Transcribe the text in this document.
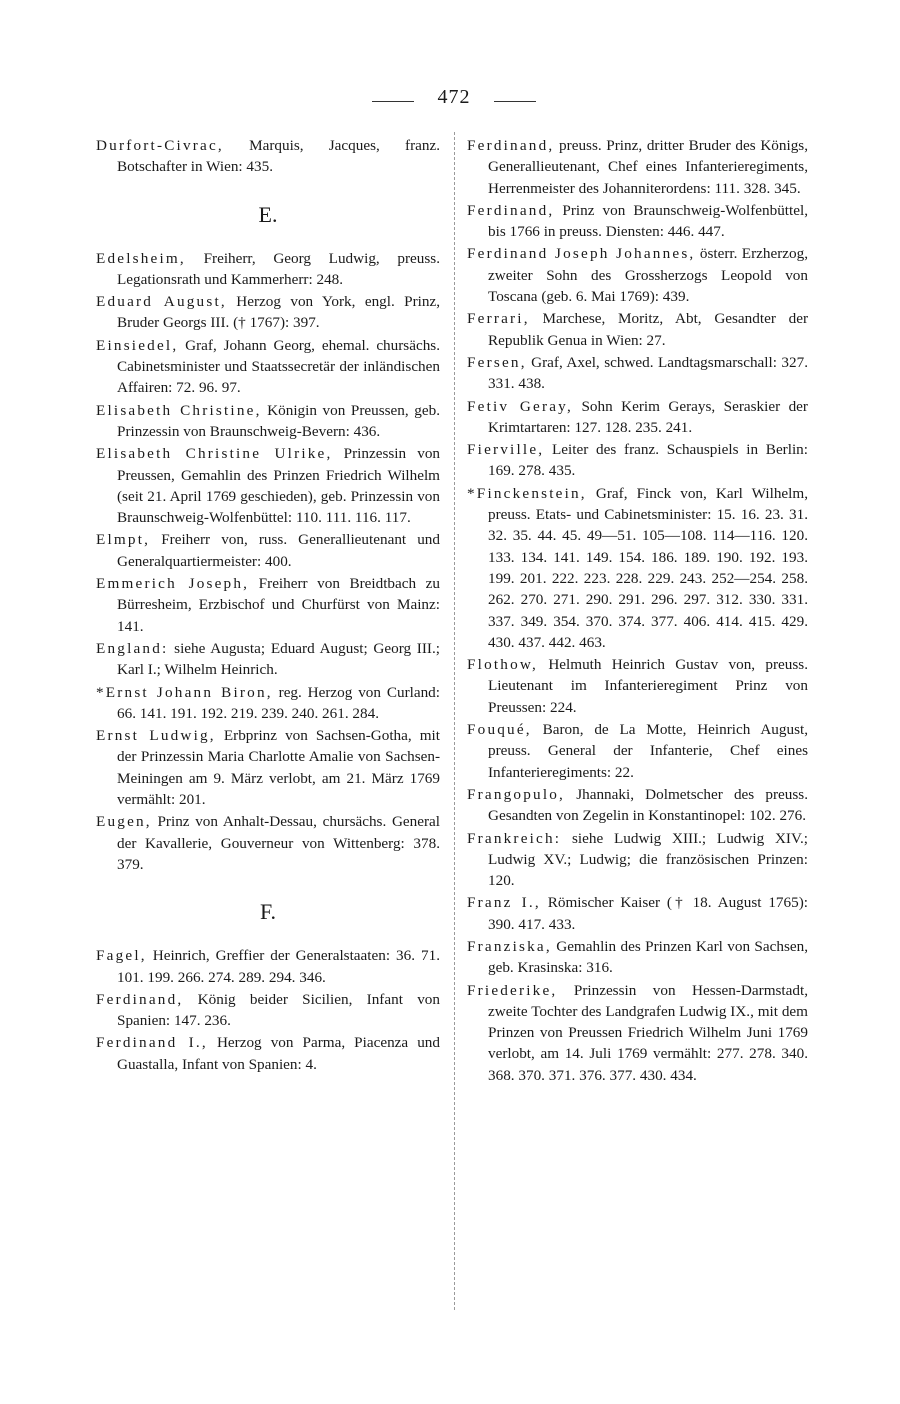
472

Durfort-Civrac, Marquis, Jacques, franz. Botschafter in Wien: 435.

E.

Edelsheim, Freiherr, Georg Ludwig, preuss. Legationsrath und Kammerherr: 248.

Eduard August, Herzog von York, engl. Prinz, Bruder Georgs III. († 1767): 397.

Einsiedel, Graf, Johann Georg, ehemal. chursächs. Cabinetsminister und Staatssecretär der inländischen Affairen: 72. 96. 97.

Elisabeth Christine, Königin von Preussen, geb. Prinzessin von Braunschweig-Bevern: 436.

Elisabeth Christine Ulrike, Prinzessin von Preussen, Gemahlin des Prinzen Friedrich Wilhelm (seit 21. April 1769 geschieden), geb. Prinzessin von Braunschweig-Wolfenbüttel: 110. 111. 116. 117.

Elmpt, Freiherr von, russ. Generallieutenant und Generalquartiermeister: 400.

Emmerich Joseph, Freiherr von Breidtbach zu Bürresheim, Erzbischof und Churfürst von Mainz: 141.

England: siehe Augusta; Eduard August; Georg III.; Karl I.; Wilhelm Heinrich.

*Ernst Johann Biron, reg. Herzog von Curland: 66. 141. 191. 192. 219. 239. 240. 261. 284.

Ernst Ludwig, Erbprinz von Sachsen-Gotha, mit der Prinzessin Maria Charlotte Amalie von Sachsen-Meiningen am 9. März verlobt, am 21. März 1769 vermählt: 201.

Eugen, Prinz von Anhalt-Dessau, chursächs. General der Kavallerie, Gouverneur von Wittenberg: 378. 379.

F.

Fagel, Heinrich, Greffier der Generalstaaten: 36. 71. 101. 199. 266. 274. 289. 294. 346.

Ferdinand, König beider Sicilien, Infant von Spanien: 147. 236.

Ferdinand I., Herzog von Parma, Piacenza und Guastalla, Infant von Spanien: 4.

Ferdinand, preuss. Prinz, dritter Bruder des Königs, Generallieutenant, Chef eines Infanterieregiments, Herrenmeister des Johanniterordens: 111. 328. 345.

Ferdinand, Prinz von Braunschweig-Wolfenbüttel, bis 1766 in preuss. Diensten: 446. 447.

Ferdinand Joseph Johannes, österr. Erzherzog, zweiter Sohn des Grossherzogs Leopold von Toscana (geb. 6. Mai 1769): 439.

Ferrari, Marchese, Moritz, Abt, Gesandter der Republik Genua in Wien: 27.

Fersen, Graf, Axel, schwed. Landtagsmarschall: 327. 331. 438.

Fetiv Geray, Sohn Kerim Gerays, Seraskier der Krimtartaren: 127. 128. 235. 241.

Fierville, Leiter des franz. Schauspiels in Berlin: 169. 278. 435.

*Finckenstein, Graf, Finck von, Karl Wilhelm, preuss. Etats- und Cabinetsminister: 15. 16. 23. 31. 32. 35. 44. 45. 49—51. 105—108. 114—116. 120. 133. 134. 141. 149. 154. 186. 189. 190. 192. 193. 199. 201. 222. 223. 228. 229. 243. 252—254. 258. 262. 270. 271. 290. 291. 296. 297. 312. 330. 331. 337. 349. 354. 370. 374. 377. 406. 414. 415. 429. 430. 437. 442. 463.

Flothow, Helmuth Heinrich Gustav von, preuss. Lieutenant im Infanterieregiment Prinz von Preussen: 224.

Fouqué, Baron, de La Motte, Heinrich August, preuss. General der Infanterie, Chef eines Infanterieregiments: 22.

Frangopulo, Jhannaki, Dolmetscher des preuss. Gesandten von Zegelin in Konstantinopel: 102. 276.

Frankreich: siehe Ludwig XIII.; Ludwig XIV.; Ludwig XV.; Ludwig; die französischen Prinzen: 120.

Franz I., Römischer Kaiser († 18. August 1765): 390. 417. 433.

Franziska, Gemahlin des Prinzen Karl von Sachsen, geb. Krasinska: 316.

Friederike, Prinzessin von Hessen-Darmstadt, zweite Tochter des Landgrafen Ludwig IX., mit dem Prinzen von Preussen Friedrich Wilhelm Juni 1769 verlobt, am 14. Juli 1769 vermählt: 277. 278. 340. 368. 370. 371. 376. 377. 430. 434.
